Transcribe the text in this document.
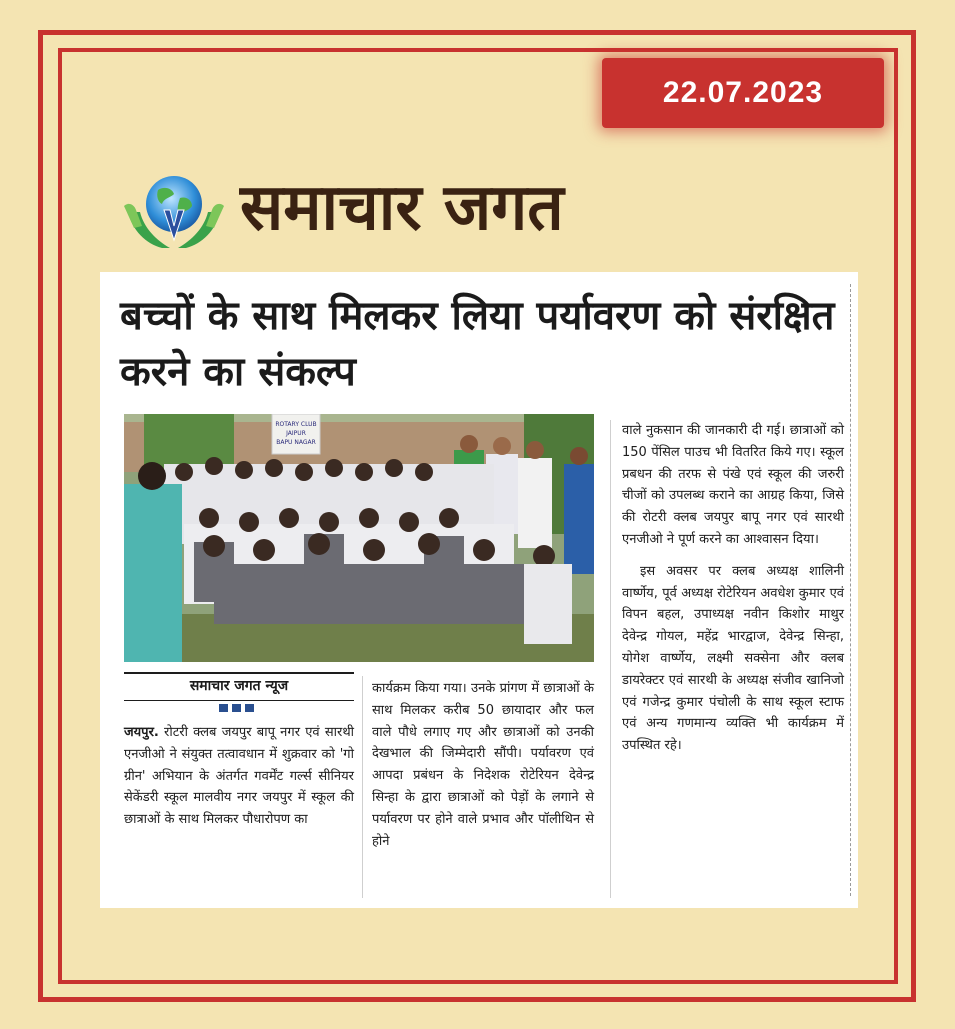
22.07.2023
समाचार जगत
बच्चों के साथ मिलकर लिया पर्यावरण को संरक्षित करने का संकल्प
ROTARY CLUB
JAIPUR
BAPU NAGAR
वाले नुकसान की जानकारी दी गई। छात्राओं को 150 पेंसिल पाउच भी वितरित किये गए। स्कूल प्रबधन की तरफ से पंखे एवं स्कूल की जरुरी चीजों को उपलब्ध कराने का आग्रह किया, जिसे की रोटरी क्लब जयपुर बापू नगर एवं सारथी एनजीओ ने पूर्ण करने का आश्वासन दिया।
इस अवसर पर क्लब अध्यक्ष शालिनी वार्ष्णेय, पूर्व अध्यक्ष रोटेरियन अवधेश कुमार एवं विपन बहल, उपाध्यक्ष नवीन किशोर माथुर देवेन्द्र गोयल, महेंद्र भारद्वाज, देवेन्द्र सिन्हा, योगेश वार्ष्णेय, लक्ष्मी सक्सेना और क्लब डायरेक्टर एवं सारथी के अध्यक्ष संजीव खानिजो एवं गजेन्द्र कुमार पंचोली के साथ स्कूल स्टाफ एवं अन्य गणमान्य व्यक्ति भी कार्यक्रम में उपस्थित रहे।
समाचार जगत न्यूज
जयपुर. रोटरी क्लब जयपुर बापू नगर एवं सारथी एनजीओ ने संयुक्त तत्वावधान में शुक्रवार को 'गो ग्रीन' अभियान के अंतर्गत गवर्मेंट गर्ल्स सीनियर सेकेंडरी स्कूल मालवीय नगर जयपुर में स्कूल की छात्राओं के साथ मिलकर पौधारोपण का
कार्यक्रम किया गया। उनके प्रांगण में छात्राओं के साथ मिलकर करीब 50 छायादार और फल वाले पौधे लगाए गए और छात्राओं को उनकी देखभाल की जिम्मेदारी सौंपी। पर्यावरण एवं आपदा प्रबंधन के निदेशक रोटेरियन देवेन्द्र सिन्हा के द्वारा छात्राओं को पेड़ों के लगाने से पर्यावरण पर होने वाले प्रभाव और पॉलीथिन से होने
